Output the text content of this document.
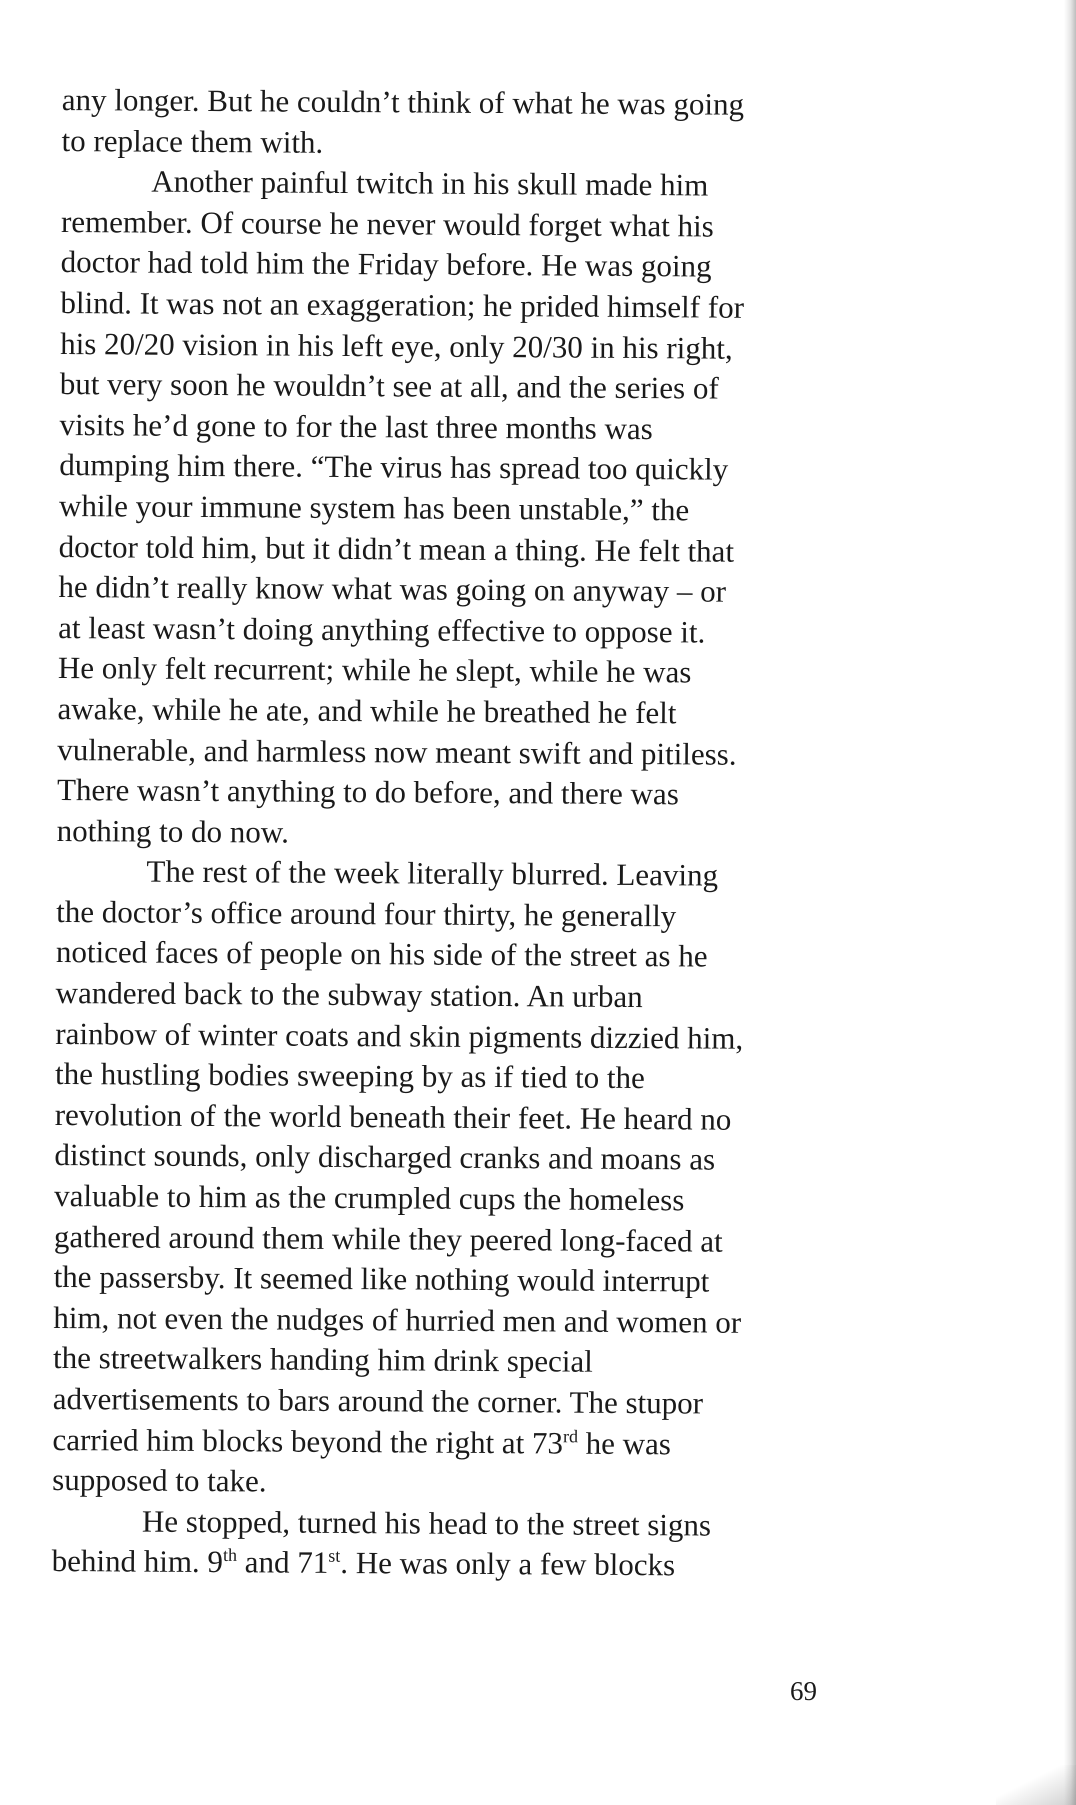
any longer. But he couldn’t think of what he was going
to replace them with.
Another painful twitch in his skull made him
remember. Of course he never would forget what his
doctor had told him the Friday before. He was going
blind. It was not an exaggeration; he prided himself for
his 20/20 vision in his left eye, only 20/30 in his right,
but very soon he wouldn’t see at all, and the series of
visits he’d gone to for the last three months was
dumping him there. “The virus has spread too quickly
while your immune system has been unstable,” the
doctor told him, but it didn’t mean a thing. He felt that
he didn’t really know what was going on anyway – or
at least wasn’t doing anything effective to oppose it.
He only felt recurrent; while he slept, while he was
awake, while he ate, and while he breathed he felt
vulnerable, and harmless now meant swift and pitiless.
There wasn’t anything to do before, and there was
nothing to do now.
The rest of the week literally blurred. Leaving
the doctor’s office around four thirty, he generally
noticed faces of people on his side of the street as he
wandered back to the subway station. An urban
rainbow of winter coats and skin pigments dizzied him,
the hustling bodies sweeping by as if tied to the
revolution of the world beneath their feet. He heard no
distinct sounds, only discharged cranks and moans as
valuable to him as the crumpled cups the homeless
gathered around them while they peered long-faced at
the passersby. It seemed like nothing would interrupt
him, not even the nudges of hurried men and women or
the streetwalkers handing him drink special
advertisements to bars around the corner. The stupor
carried him blocks beyond the right at 73rd he was
supposed to take.
He stopped, turned his head to the street signs
behind him. 9th and 71st. He was only a few blocks
69
